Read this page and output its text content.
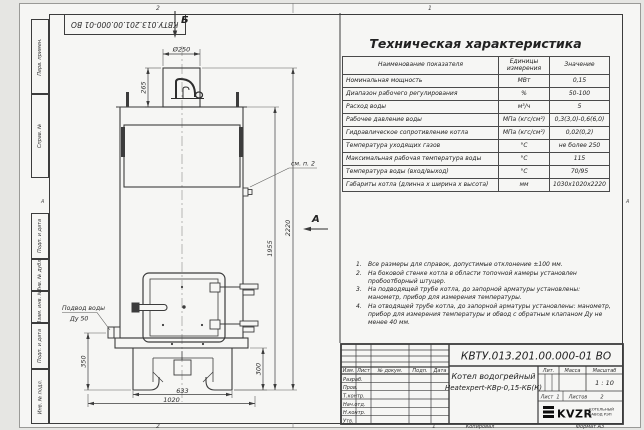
Перв. примен.
Справ. №
Подп. и дата
Инв. № дубл.
Взам. инв. №
Подп. и дата
Инв. № подл.
КВТУ.013.201.00.000-01 ВО
2	1
2	1
А	А
Копировал	Формат А3
Техническая характеристика
Наименование показателя	Единицы измерения	Значение
Номинальная мощность	МВт	0,15
Диапазон рабочего регулирования	%	50-100
Расход воды	м³/ч	5
Рабочее давление воды	МПа (кгс/см²)	0,3(3,0)-0,6(6,0)
Гидравлическое сопротивление котла	МПа (кгс/см²)	0,02(0,2)
Температура уходящих газов	°С	не более 250
Максимальная рабочая температура воды	°С	115
Температура воды (вход/выход)	°С	70/95
Габариты котла (длинна х ширина х высота)	мм	1030х1020х2220
1.	Все размеры для справок, допустимые отклонение ±100 мм.
2.	На боковой стенке котла в области топочной камеры установлен пробоотборный штуцер.
3.	На подводящей трубе котла, до запорной арматуры установлены: манометр, прибор для измерения температуры.
4.	На отводящей трубе котла, до запорной арматуры установлены: манометр, прибор для измерения температуры и обвод с обратным клапаном Ду не менее 40 мм.
КВТУ.013.201.00.000-01 ВО
Котел водогрейный
Heatexpert-КВр-0,15-КБ(К)
Изм. Лист № докум. Подп. Дата
Разраб.
Пров.
Т.контр.
Нач.отд.
Н.контр.
Утв.
Лит. Масса Масштаб
1 : 10
Лист 1 Листов	2
KVZR
КОТЕЛЬНЫЙ
ЗАВОД РЭП
Б
А
Ø250
265
350
300
633
1020
1955
2220
см. п. 2
Подвод воды
Ду 50
